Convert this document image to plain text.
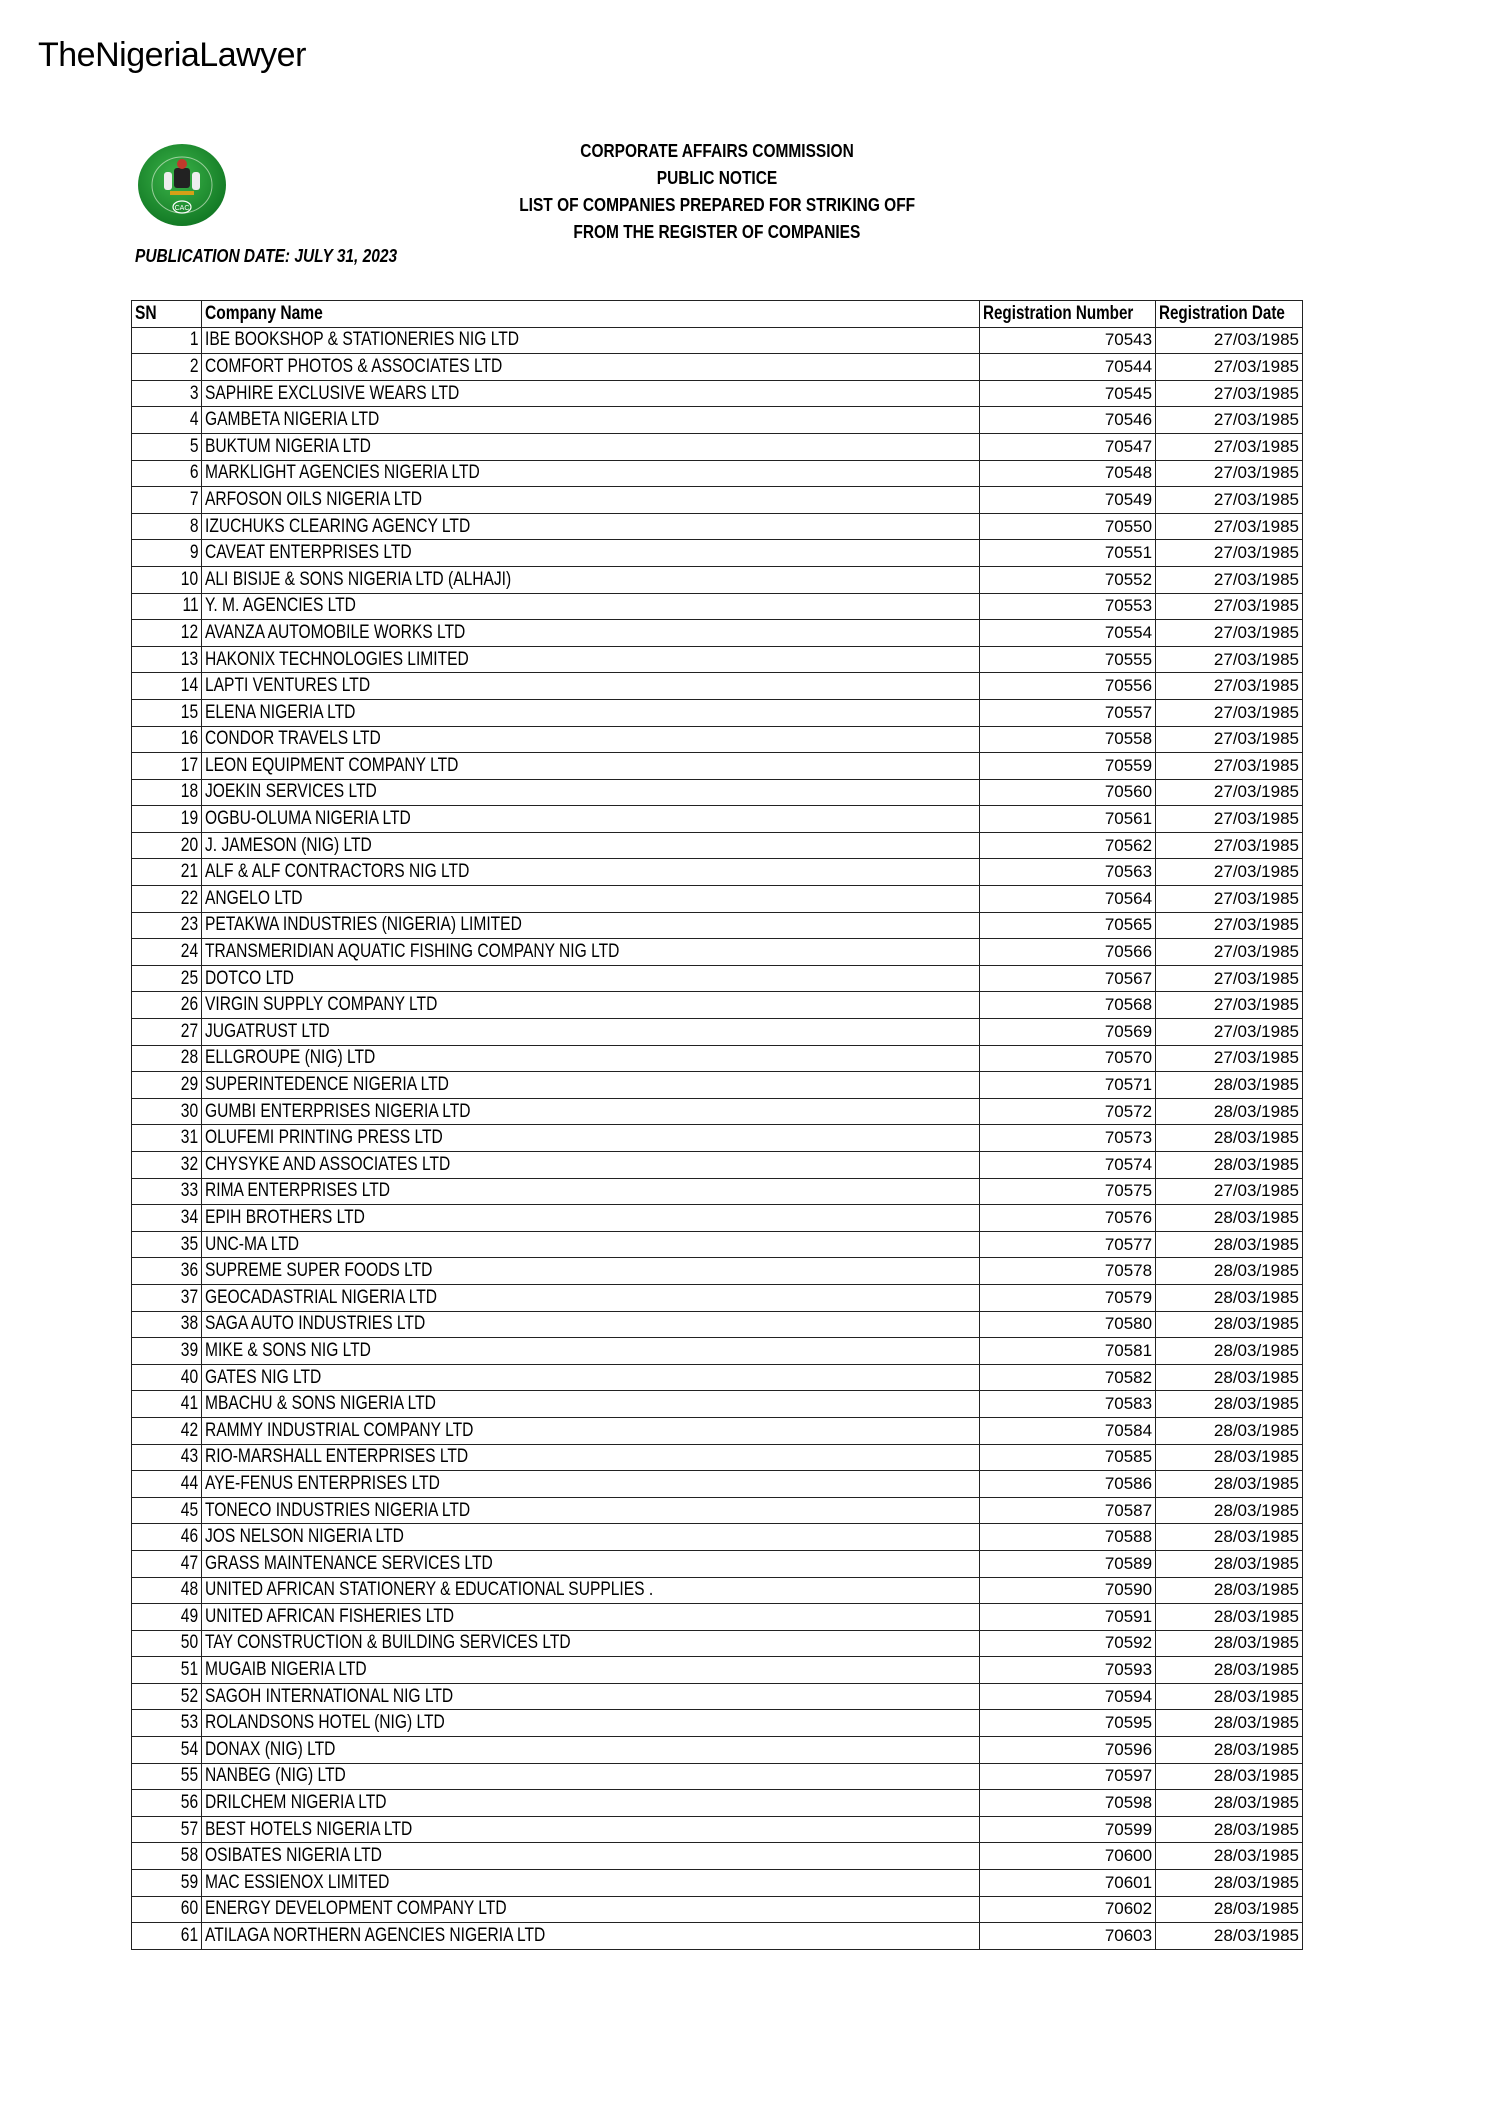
TheNigeriaLawyer
CAC
CORPORATE AFFAIRS COMMISSION
PUBLIC NOTICE
LIST OF COMPANIES PREPARED FOR STRIKING OFF
FROM THE REGISTER OF COMPANIES
PUBLICATION DATE: JULY 31, 2023
SN	Company Name	Registration Number	Registration Date
1	IBE BOOKSHOP & STATIONERIES NIG LTD	70543	27/03/1985
2	COMFORT PHOTOS & ASSOCIATES LTD	70544	27/03/1985
3	SAPHIRE EXCLUSIVE WEARS LTD	70545	27/03/1985
4	GAMBETA NIGERIA LTD	70546	27/03/1985
5	BUKTUM NIGERIA LTD	70547	27/03/1985
6	MARKLIGHT AGENCIES NIGERIA LTD	70548	27/03/1985
7	ARFOSON OILS NIGERIA LTD	70549	27/03/1985
8	IZUCHUKS CLEARING AGENCY LTD	70550	27/03/1985
9	CAVEAT ENTERPRISES LTD	70551	27/03/1985
10	ALI BISIJE & SONS NIGERIA LTD (ALHAJI)	70552	27/03/1985
11	Y. M. AGENCIES LTD	70553	27/03/1985
12	AVANZA AUTOMOBILE WORKS LTD	70554	27/03/1985
13	HAKONIX TECHNOLOGIES LIMITED	70555	27/03/1985
14	LAPTI VENTURES LTD	70556	27/03/1985
15	ELENA NIGERIA LTD	70557	27/03/1985
16	CONDOR TRAVELS LTD	70558	27/03/1985
17	LEON EQUIPMENT COMPANY LTD	70559	27/03/1985
18	JOEKIN SERVICES LTD	70560	27/03/1985
19	OGBU-OLUMA NIGERIA LTD	70561	27/03/1985
20	J. JAMESON (NIG) LTD	70562	27/03/1985
21	ALF & ALF CONTRACTORS NIG LTD	70563	27/03/1985
22	ANGELO LTD	70564	27/03/1985
23	PETAKWA INDUSTRIES (NIGERIA) LIMITED	70565	27/03/1985
24	TRANSMERIDIAN AQUATIC FISHING COMPANY NIG LTD	70566	27/03/1985
25	DOTCO LTD	70567	27/03/1985
26	VIRGIN SUPPLY COMPANY LTD	70568	27/03/1985
27	JUGATRUST LTD	70569	27/03/1985
28	ELLGROUPE (NIG) LTD	70570	27/03/1985
29	SUPERINTEDENCE NIGERIA LTD	70571	28/03/1985
30	GUMBI ENTERPRISES NIGERIA LTD	70572	28/03/1985
31	OLUFEMI PRINTING PRESS LTD	70573	28/03/1985
32	CHYSYKE AND ASSOCIATES LTD	70574	28/03/1985
33	RIMA ENTERPRISES LTD	70575	27/03/1985
34	EPIH BROTHERS LTD	70576	28/03/1985
35	UNC-MA LTD	70577	28/03/1985
36	SUPREME SUPER FOODS LTD	70578	28/03/1985
37	GEOCADASTRIAL NIGERIA LTD	70579	28/03/1985
38	SAGA AUTO INDUSTRIES LTD	70580	28/03/1985
39	MIKE & SONS NIG LTD	70581	28/03/1985
40	GATES NIG LTD	70582	28/03/1985
41	MBACHU & SONS NIGERIA LTD	70583	28/03/1985
42	RAMMY INDUSTRIAL COMPANY LTD	70584	28/03/1985
43	RIO-MARSHALL ENTERPRISES LTD	70585	28/03/1985
44	AYE-FENUS ENTERPRISES LTD	70586	28/03/1985
45	TONECO INDUSTRIES NIGERIA LTD	70587	28/03/1985
46	JOS NELSON NIGERIA LTD	70588	28/03/1985
47	GRASS MAINTENANCE SERVICES LTD	70589	28/03/1985
48	UNITED AFRICAN STATIONERY & EDUCATIONAL SUPPLIES .	70590	28/03/1985
49	UNITED AFRICAN FISHERIES LTD	70591	28/03/1985
50	TAY CONSTRUCTION & BUILDING SERVICES LTD	70592	28/03/1985
51	MUGAIB NIGERIA LTD	70593	28/03/1985
52	SAGOH INTERNATIONAL NIG LTD	70594	28/03/1985
53	ROLANDSONS HOTEL (NIG) LTD	70595	28/03/1985
54	DONAX (NIG) LTD	70596	28/03/1985
55	NANBEG (NIG) LTD	70597	28/03/1985
56	DRILCHEM NIGERIA LTD	70598	28/03/1985
57	BEST HOTELS NIGERIA LTD	70599	28/03/1985
58	OSIBATES NIGERIA LTD	70600	28/03/1985
59	MAC ESSIENOX LIMITED	70601	28/03/1985
60	ENERGY DEVELOPMENT COMPANY LTD	70602	28/03/1985
61	ATILAGA NORTHERN AGENCIES NIGERIA LTD	70603	28/03/1985
